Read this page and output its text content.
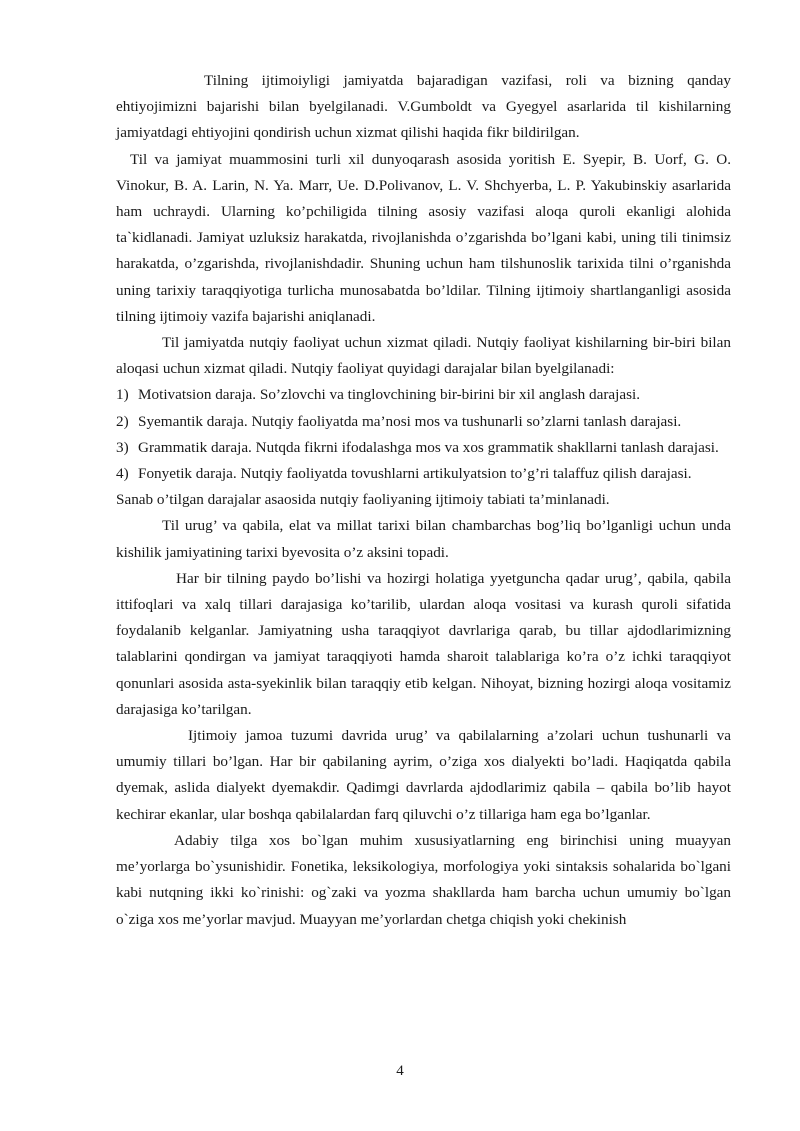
Tilning ijtimoiyligi jamiyatda bajaradigan vazifasi, roli va bizning qanday ehtiyojimizni bajarishi bilan byelgilanadi. V.Gumboldt va Gyegyel asarlarida til kishilarning jamiyatdagi ehtiyojini qondirish uchun xizmat qilishi haqida fikr bildirilgan.

Til va jamiyat muammosini turli xil dunyoqarash asosida yoritish E. Syepir, B. Uorf, G. O. Vinokur, B. A. Larin, N. Ya. Marr, Ue. D.Polivanov, L. V. Shchyerba, L. P. Yakubinskiy asarlarida ham uchraydi. Ularning ko’pchiligida tilning asosiy vazifasi aloqa quroli ekanligi alohida ta`kidlanadi. Jamiyat uzluksiz harakatda, rivojlanishda o’zgarishda bo’lgani kabi, uning tili tinimsiz harakatda, o’zgarishda, rivojlanishdadir. Shuning uchun ham tilshunoslik tarixida tilni o’rganishda uning tarixiy taraqqiyotiga turlicha munosabatda bo’ldilar. Tilning ijtimoiy shartlanganligi asosida tilning ijtimoiy vazifa bajarishi aniqlanadi.

Til jamiyatda nutqiy faoliyat uchun xizmat qiladi. Nutqiy faoliyat kishilarning bir-biri bilan aloqasi uchun xizmat qiladi. Nutqiy faoliyat quyidagi darajalar bilan byelgilanadi:

1) Motivatsion daraja. So’zlovchi va tinglovchining bir-birini bir xil anglash darajasi.
2) Syemantik daraja. Nutqiy faoliyatda ma’nosi mos va tushunarli so’zlarni tanlash darajasi.
3) Grammatik daraja. Nutqda fikrni ifodalashga mos va xos grammatik shakllarni tanlash darajasi.
4) Fonyetik daraja. Nutqiy faoliyatda tovushlarni artikulyatsion to’g’ri talaffuz qilish darajasi.

Sanab o’tilgan darajalar asaosida nutqiy faoliyaning ijtimoiy tabiati ta’minlanadi.

Til urug’ va qabila, elat va millat tarixi bilan chambarchas bog’liq bo’lganligi uchun unda kishilik jamiyatining tarixi byevosita o’z aksini topadi.

Har bir tilning paydo bo’lishi va hozirgi holatiga yyetguncha qadar urug’, qabila, qabila ittifoqlari va xalq tillari darajasiga ko’tarilib, ulardan aloqa vositasi va kurash quroli sifatida foydalanib kelganlar. Jamiyatning usha taraqqiyot davrlariga qarab, bu tillar ajdodlarimizning talablarini qondirgan va jamiyat taraqqiyoti hamda sharoit talablariga ko’ra o’z ichki taraqqiyot qonunlari asosida asta-syekinlik bilan taraqqiy etib kelgan. Nihoyat, bizning hozirgi aloqa vositamiz darajasiga ko’tarilgan.

Ijtimoiy jamoa tuzumi davrida urug’ va qabilalarning a’zolari uchun tushunarli va umumiy tillari bo’lgan. Har bir qabilaning ayrim, o’ziga xos dialyekti bo’ladi. Haqiqatda qabila dyemak, aslida dialyekt dyemakdir. Qadimgi davrlarda ajdodlarimiz qabila – qabila bo’lib hayot kechirar ekanlar, ular boshqa qabilalardan farq qiluvchi o’z tillariga ham ega bo’lganlar.

Adabiy tilga xos bo`lgan muhim xususiyatlarning eng birinchisi uning muayyan me’yorlarga bo`ysunishidir. Fonetika, leksikologiya, morfologiya yoki sintaksis sohalarida bo`lgani kabi nutqning ikki ko`rinishi: og`zaki va yozma shakllarda ham barcha uchun umumiy bo`lgan o`ziga xos me’yorlar mavjud. Muayyan me’yorlardan chetga chiqish yoki chekinish

4
